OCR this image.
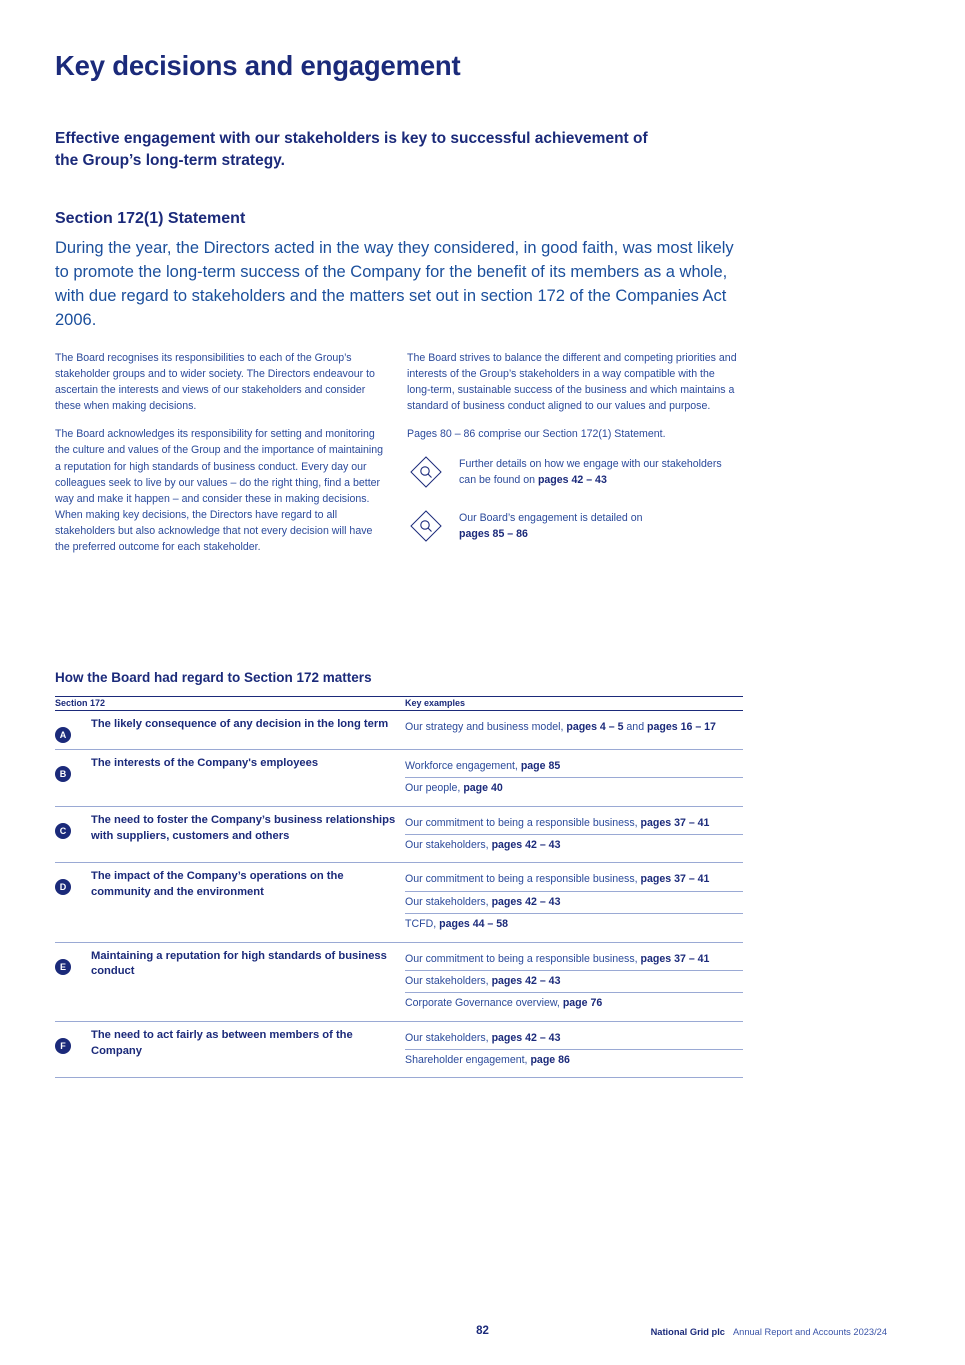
Key decisions and engagement
Effective engagement with our stakeholders is key to successful achievement of the Group’s long-term strategy.
Section 172(1) Statement
During the year, the Directors acted in the way they considered, in good faith, was most likely to promote the long-term success of the Company for the benefit of its members as a whole, with due regard to stakeholders and the matters set out in section 172 of the Companies Act 2006.

The Board recognises its responsibilities to each of the Group’s stakeholder groups and to wider society. The Directors endeavour to ascertain the interests and views of our stakeholders and consider these when making decisions.

The Board acknowledges its responsibility for setting and monitoring the culture and values of the Group and the importance of maintaining a reputation for high standards of business conduct. Every day our colleagues seek to live by our values – do the right thing, find a better way and make it happen – and consider these in making decisions. When making key decisions, the Directors have regard to all stakeholders but also acknowledge that not every decision will have the preferred outcome for each stakeholder.

The Board strives to balance the different and competing priorities and interests of the Group’s stakeholders in a way compatible with the long-term, sustainable success of the business and which maintains a standard of business conduct aligned to our values and purpose.

Pages 80 – 86 comprise our Section 172(1) Statement.

Further details on how we engage with our stakeholders can be found on pages 42 – 43
Our Board’s engagement is detailed on
pages 85 – 86
How the Board had regard to Section 172 matters
Section 172		Key examples
A	The likely consequence of any decision in the long term	Our strategy and business model, pages 4 – 5 and pages 16 – 17

B	The interests of the Company's employees	Workforce engagement, page 85
Our people, page 40

C	The need to foster the Company’s business relationships with suppliers, customers and others	Our commitment to being a responsible business, pages 37 – 41
Our stakeholders, pages 42 – 43

D	The impact of the Company’s operations on the community and the environment	Our commitment to being a responsible business, pages 37 – 41
Our stakeholders, pages 42 – 43
TCFD, pages 44 – 58

E	Maintaining a reputation for high standards of business conduct	Our commitment to being a responsible business, pages 37 – 41
Our stakeholders, pages 42 – 43
Corporate Governance overview, page 76

F	The need to act fairly as between members of the Company	Our stakeholders, pages 42 – 43
Shareholder engagement, page 86
82	National Grid plc Annual Report and Accounts 2023/24
